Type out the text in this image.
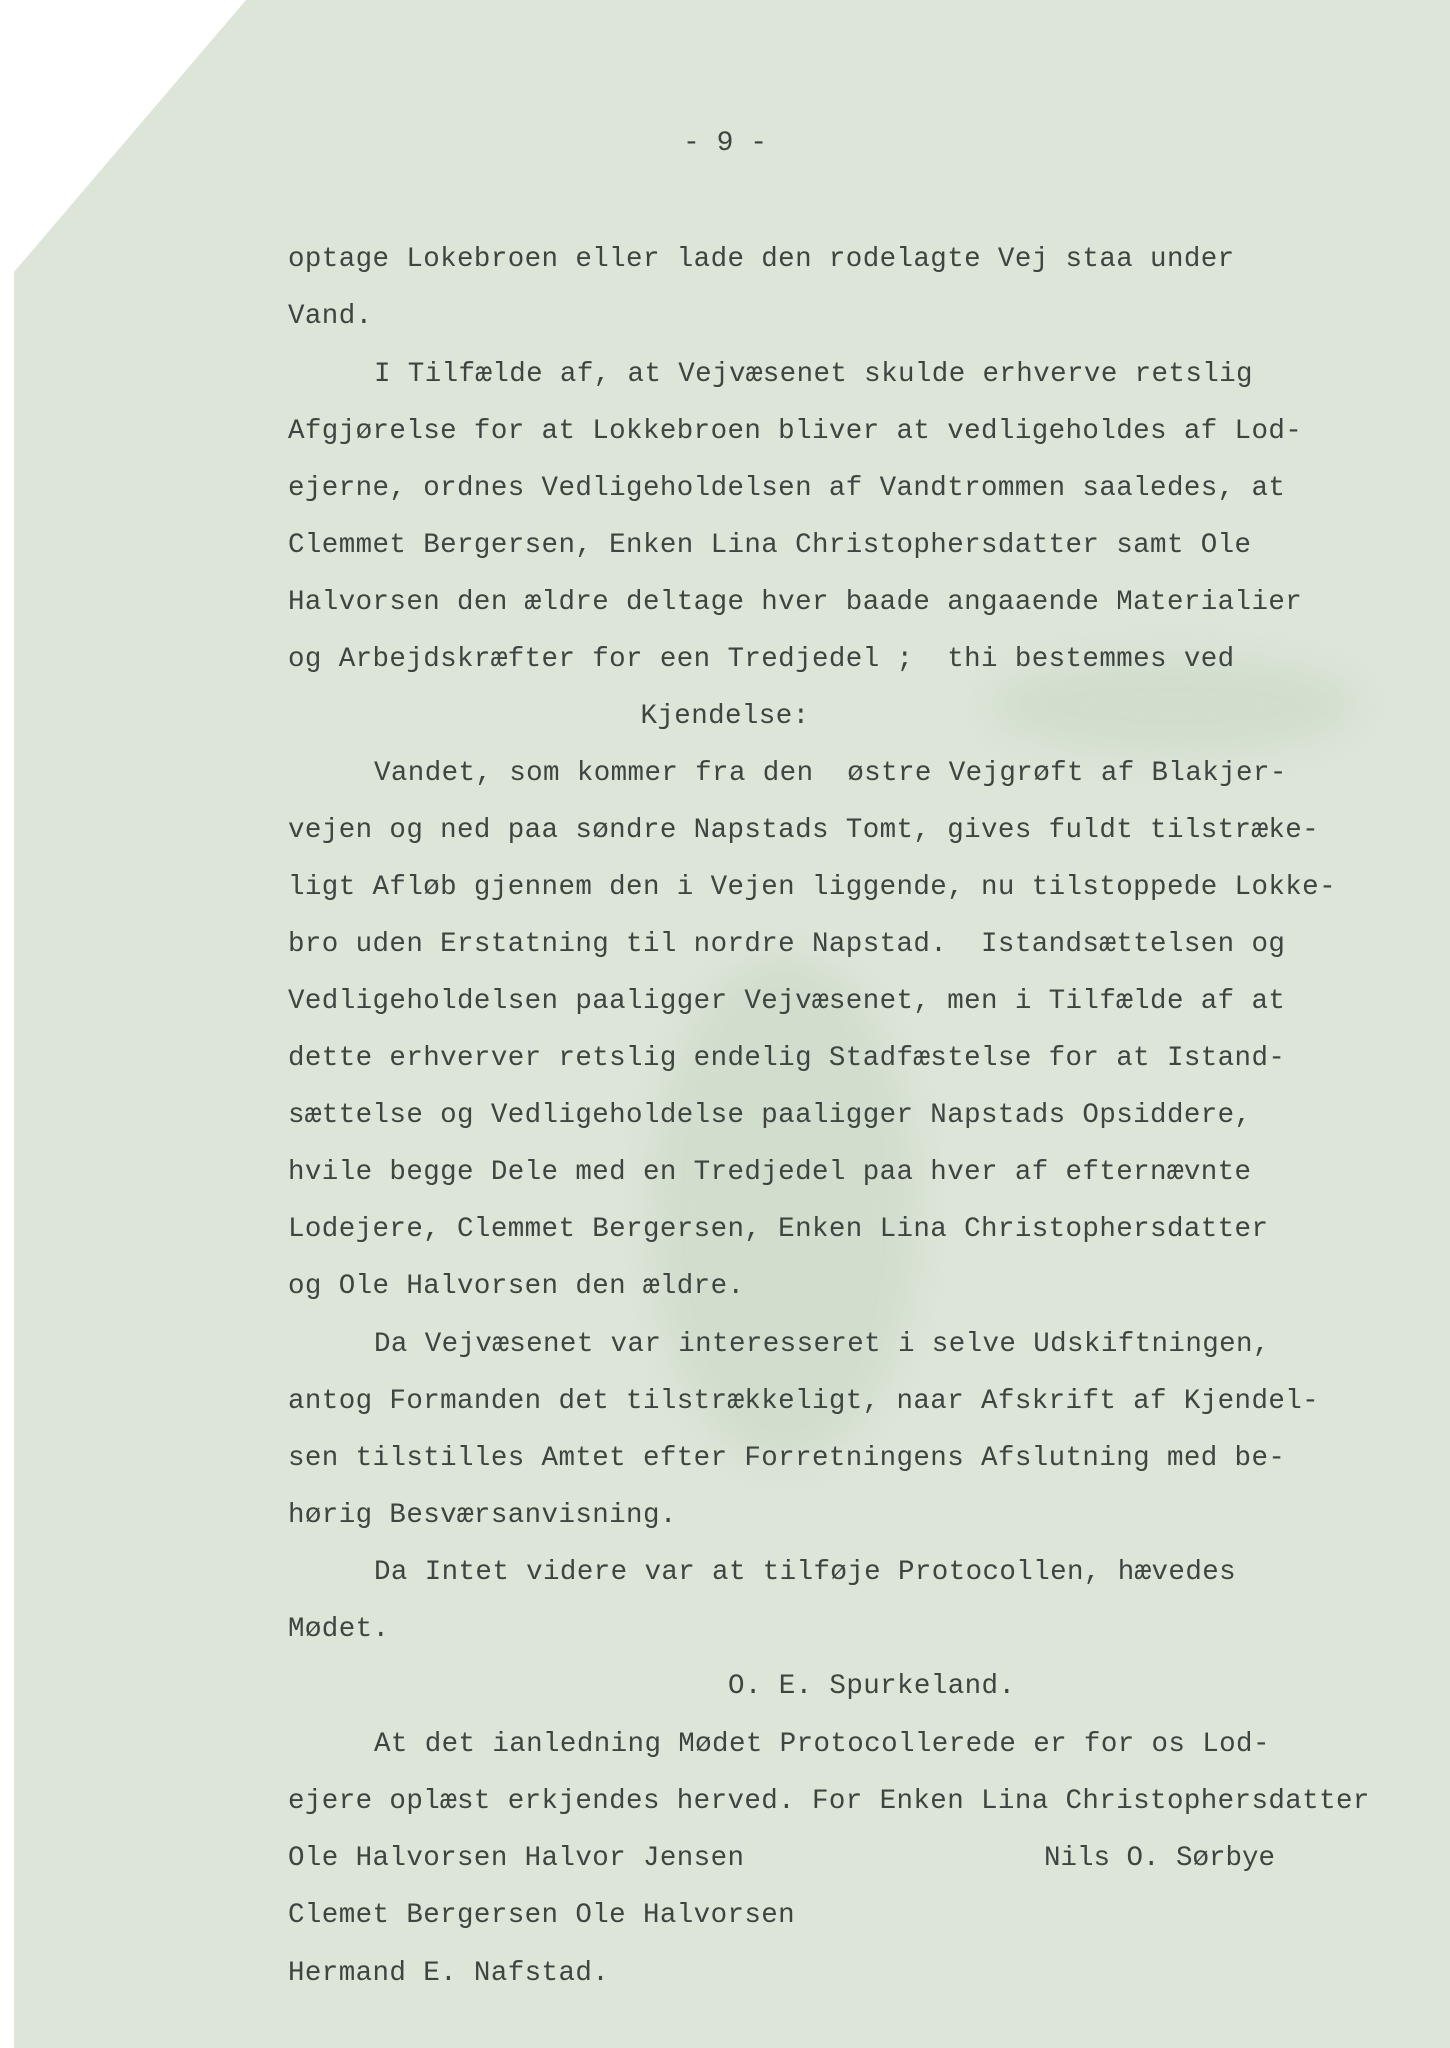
- 9 -
optage Lokebroen eller lade den rodelagte Vej staa under
Vand.
I Tilfælde af, at Vejvæsenet skulde erhverve retslig
Afgjørelse for at Lokkebroen bliver at vedligeholdes af Lod-
ejerne, ordnes Vedligeholdelsen af Vandtrommen saaledes, at
Clemmet Bergersen, Enken Lina Christophersdatter samt Ole
Halvorsen den ældre deltage hver baade angaaende Materialier
og Arbejdskræfter for een Tredjedel ;  thi bestemmes ved
Kjendelse:
Vandet, som kommer fra den  østre Vejgrøft af Blakjer-
vejen og ned paa søndre Napstads Tomt, gives fuldt tilstræke-
ligt Afløb gjennem den i Vejen liggende, nu tilstoppede Lokke-
bro uden Erstatning til nordre Napstad.  Istandsættelsen og
Vedligeholdelsen paaligger Vejvæsenet, men i Tilfælde af at
dette erhverver retslig endelig Stadfæstelse for at Istand-
sættelse og Vedligeholdelse paaligger Napstads Opsiddere,
hvile begge Dele med en Tredjedel paa hver af efternævnte
Lodejere, Clemmet Bergersen, Enken Lina Christophersdatter
og Ole Halvorsen den ældre.
Da Vejvæsenet var interesseret i selve Udskiftningen,
antog Formanden det tilstrækkeligt, naar Afskrift af Kjendel-
sen tilstilles Amtet efter Forretningens Afslutning med be-
hørig Besværsanvisning.
Da Intet videre var at tilføje Protocollen, hævedes
Mødet.
O. E. Spurkeland.
At det ianledning Mødet Protocollerede er for os Lod-
ejere oplæst erkjendes herved. For Enken Lina Christophersdatter
Ole Halvorsen Halvor Jensen	Nils O. Sørbye
Clemet Bergersen Ole Halvorsen
Hermand E. Nafstad.
